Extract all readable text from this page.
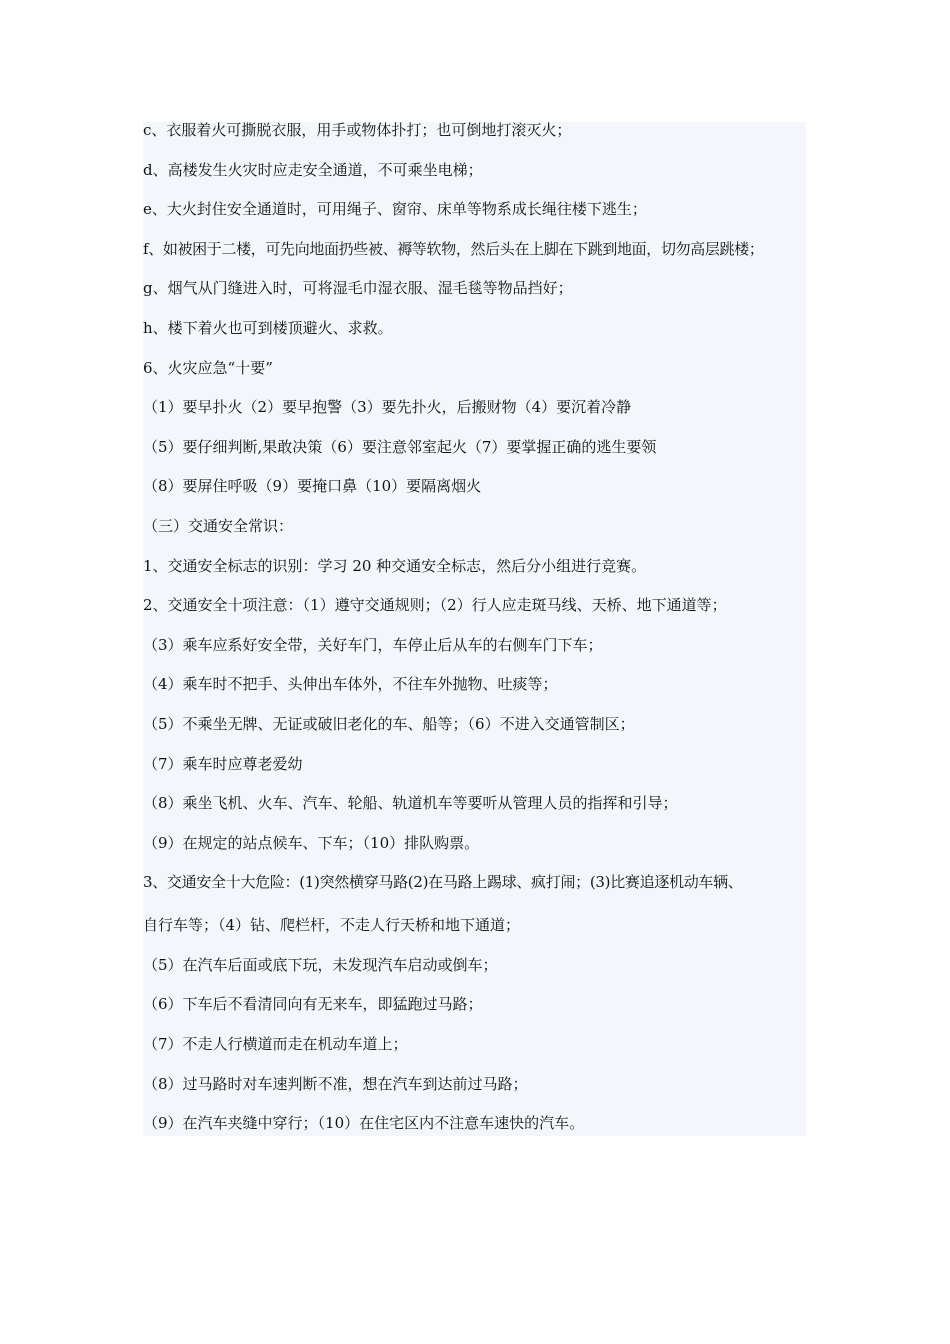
c、衣服着火可撕脱衣服，用手或物体扑打；也可倒地打滚灭火；
d、高楼发生火灾时应走安全通道，不可乘坐电梯；
e、大火封住安全通道时，可用绳子、窗帘、床单等物系成长绳往楼下逃生；
f、如被困于二楼，可先向地面扔些被、褥等软物，然后头在上脚在下跳到地面，切勿高层跳楼；
g、烟气从门缝进入时，可将湿毛巾湿衣服、湿毛毯等物品挡好；
h、楼下着火也可到楼顶避火、求救。
6、火灾应急“十要”
（1）要早扑火（2）要早抱警（3）要先扑火，后搬财物（4）要沉着冷静
（5）要仔细判断,果敢决策（6）要注意邻室起火（7）要掌握正确的逃生要领
（8）要屏住呼吸（9）要掩口鼻（10）要隔离烟火
（三）交通安全常识：
1、交通安全标志的识别：学习 20 种交通安全标志，然后分小组进行竞赛。
2、交通安全十项注意：（1）遵守交通规则；（2）行人应走斑马线、天桥、地下通道等；
（3）乘车应系好安全带，关好车门，车停止后从车的右侧车门下车；
（4）乘车时不把手、头伸出车体外，不往车外抛物、吐痰等；
（5）不乘坐无牌、无证或破旧老化的车、船等；（6）不进入交通管制区；
（7）乘车时应尊老爱幼
（8）乘坐飞机、火车、汽车、轮船、轨道机车等要听从管理人员的指挥和引导；
（9）在规定的站点候车、下车；（10）排队购票。
3、交通安全十大危险：(1)突然横穿马路(2)在马路上踢球、疯打闹；(3)比赛追逐机动车辆、
自行车等；（4）钻、爬栏杆，不走人行天桥和地下通道；
（5）在汽车后面或底下玩，未发现汽车启动或倒车；
（6）下车后不看清同向有无来车，即猛跑过马路；
（7）不走人行横道而走在机动车道上；
（8）过马路时对车速判断不准，想在汽车到达前过马路；
（9）在汽车夹缝中穿行；（10）在住宅区内不注意车速快的汽车。
